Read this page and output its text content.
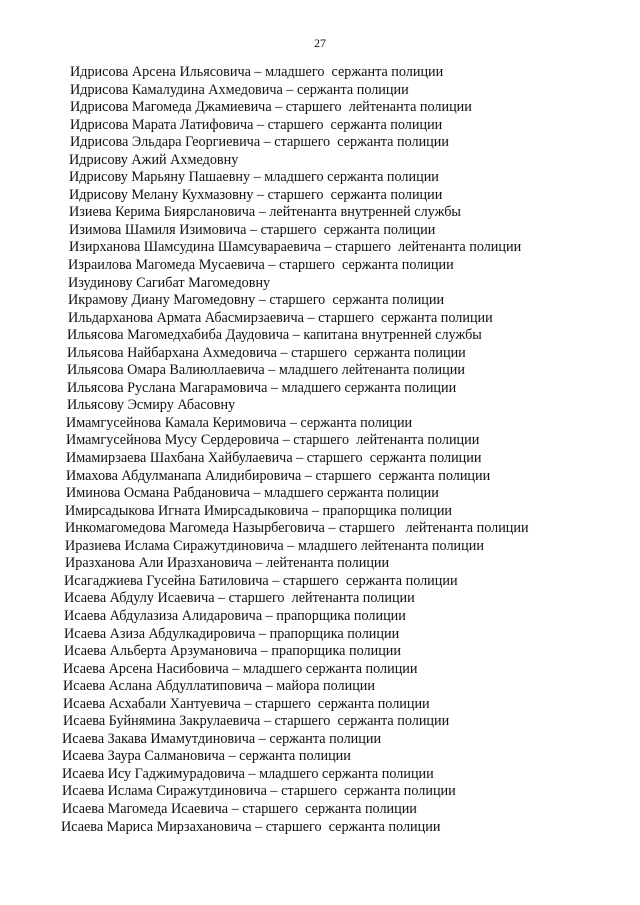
27
Идрисова Арсена Ильясовича – младшего  сержанта полиции
Идрисова Камалудина Ахмедовича – сержанта полиции
Идрисова Магомеда Джамиевича – старшего  лейтенанта полиции
Идрисова Марата Латифовича – старшего  сержанта полиции
Идрисова Эльдара Георгиевича – старшего  сержанта полиции
Идрисову Ажий Ахмедовну
Идрисову Марьяну Пашаевну – младшего сержанта полиции
Идрисову Мелану Кухмазовну – старшего  сержанта полиции
Изиева Керима Биярслановича – лейтенанта внутренней службы
Изимова Шамиля Изимовича – старшего  сержанта полиции
Изирханова Шамсудина Шамсувараевича – старшего  лейтенанта полиции
Израилова Магомеда Мусаевича – старшего  сержанта полиции
Изудинову Сагибат Магомедовну
Икрамову Диану Магомедовну – старшего  сержанта полиции
Ильдарханова Армата Абасмирзаевича – старшего  сержанта полиции
Ильясова Магомедхабиба Даудовича – капитана внутренней службы
Ильясова Найбархана Ахмедовича – старшего  сержанта полиции
Ильясова Омара Валиюллаевича – младшего лейтенанта полиции
Ильясова Руслана Магарамовича – младшего сержанта полиции
Ильясову Эсмиру Абасовну
Имамгусейнова Камала Керимовича – сержанта полиции
Имамгусейнова Мусу Сердеровича – старшего  лейтенанта полиции
Имамирзаева Шахбана Хайбулаевича – старшего  сержанта полиции
Имахова Абдулманапа Алидибировича – старшего  сержанта полиции
Иминова Османа Рабдановича – младшего сержанта полиции
Имирсадыкова Игната Имирсадыковича – прапорщика полиции
Инкомагомедова Магомеда Назырбеговича – старшего   лейтенанта полиции
Иразиева Ислама Сиражутдиновича – младшего лейтенанта полиции
Иразханова Али Иразхановича – лейтенанта полиции
Исагаджиева Гусейна Батиловича – старшего  сержанта полиции
Исаева Абдулу Исаевича – старшего  лейтенанта полиции
Исаева Абдулазиза Алидаровича – прапорщика полиции
Исаева Азиза Абдулкадировича – прапорщика полиции
Исаева Альберта Арзумановича – прапорщика полиции
Исаева Арсена Насибовича – младшего сержанта полиции
Исаева Аслана Абдуллатиповича – майора полиции
Исаева Асхабали Хантуевича – старшего  сержанта полиции
Исаева Буйнямина Закрулаевича – старшего  сержанта полиции
Исаева Закава Имамутдиновича – сержанта полиции
Исаева Заура Салмановича – сержанта полиции
Исаева Ису Гаджимурадовича – младшего сержанта полиции
Исаева Ислама Сиражутдиновича – старшего  сержанта полиции
Исаева Магомеда Исаевича – старшего  сержанта полиции
Исаева Мариса Мирзахановича – старшего  сержанта полиции
